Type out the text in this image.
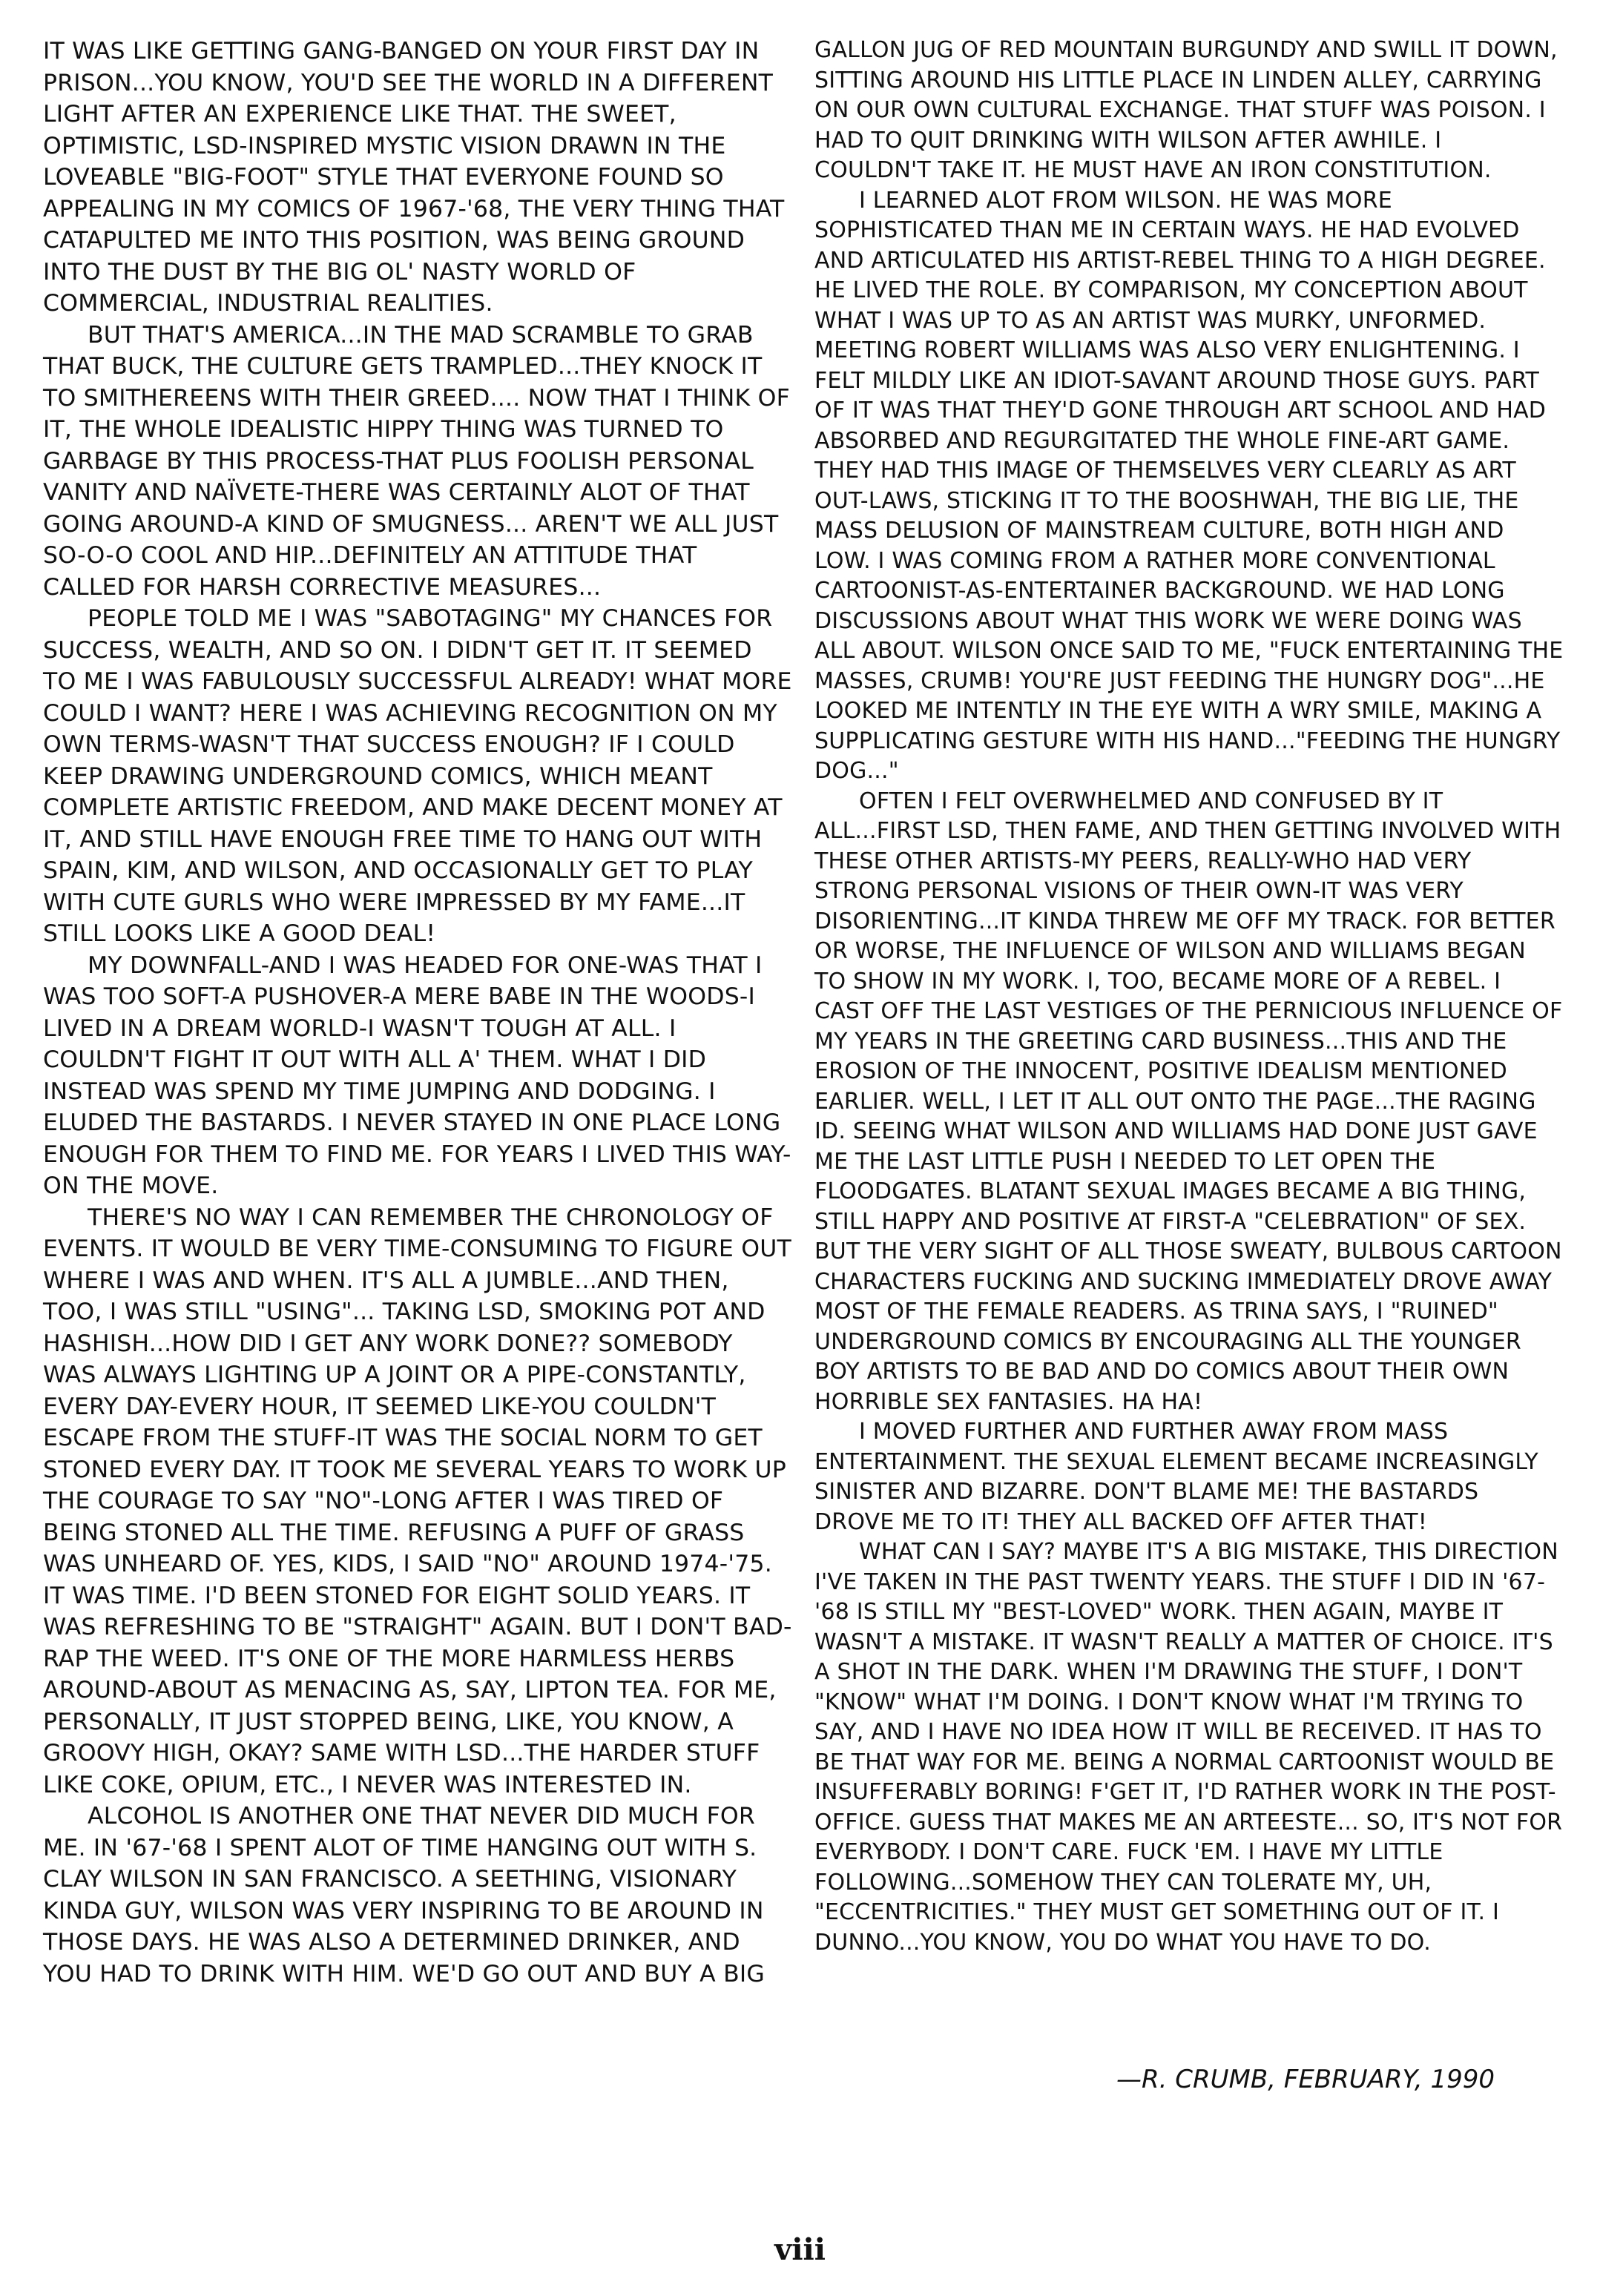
IT WAS LIKE GETTING GANG-BANGED ON YOUR FIRST DAY IN PRISON...YOU KNOW, YOU'D SEE THE WORLD IN A DIFFERENT LIGHT AFTER AN EXPERIENCE LIKE THAT. THE SWEET, OPTIMISTIC, LSD-INSPIRED MYSTIC VISION DRAWN IN THE LOVEABLE "BIG-FOOT" STYLE THAT EVERYONE FOUND SO APPEALING IN MY COMICS OF 1967-'68, THE VERY THING THAT CATAPULTED ME INTO THIS POSITION, WAS BEING GROUND INTO THE DUST BY THE BIG OL' NASTY WORLD OF COMMERCIAL, INDUSTRIAL REALITIES.

BUT THAT'S AMERICA...IN THE MAD SCRAMBLE TO GRAB THAT BUCK, THE CULTURE GETS TRAMPLED...THEY KNOCK IT TO SMITHEREENS WITH THEIR GREED.... NOW THAT I THINK OF IT, THE WHOLE IDEALISTIC HIPPY THING WAS TURNED TO GARBAGE BY THIS PROCESS-THAT PLUS FOOLISH PERSONAL VANITY AND NAÏVETE-THERE WAS CERTAINLY ALOT OF THAT GOING AROUND-A KIND OF SMUGNESS... AREN'T WE ALL JUST SO-O-O COOL AND HIP...DEFINITELY AN ATTITUDE THAT CALLED FOR HARSH CORRECTIVE MEASURES...

PEOPLE TOLD ME I WAS "SABOTAGING" MY CHANCES FOR SUCCESS, WEALTH, AND SO ON. I DIDN'T GET IT. IT SEEMED TO ME I WAS FABULOUSLY SUCCESSFUL ALREADY! WHAT MORE COULD I WANT? HERE I WAS ACHIEVING RECOGNITION ON MY OWN TERMS-WASN'T THAT SUCCESS ENOUGH? IF I COULD KEEP DRAWING UNDERGROUND COMICS, WHICH MEANT COMPLETE ARTISTIC FREEDOM, AND MAKE DECENT MONEY AT IT, AND STILL HAVE ENOUGH FREE TIME TO HANG OUT WITH SPAIN, KIM, AND WILSON, AND OCCASIONALLY GET TO PLAY WITH CUTE GURLS WHO WERE IMPRESSED BY MY FAME...IT STILL LOOKS LIKE A GOOD DEAL!

MY DOWNFALL-AND I WAS HEADED FOR ONE-WAS THAT I WAS TOO SOFT-A PUSHOVER-A MERE BABE IN THE WOODS-I LIVED IN A DREAM WORLD-I WASN'T TOUGH AT ALL. I COULDN'T FIGHT IT OUT WITH ALL A' THEM. WHAT I DID INSTEAD WAS SPEND MY TIME JUMPING AND DODGING. I ELUDED THE BASTARDS. I NEVER STAYED IN ONE PLACE LONG ENOUGH FOR THEM TO FIND ME. FOR YEARS I LIVED THIS WAY- ON THE MOVE.

THERE'S NO WAY I CAN REMEMBER THE CHRONOLOGY OF EVENTS. IT WOULD BE VERY TIME-CONSUMING TO FIGURE OUT WHERE I WAS AND WHEN. IT'S ALL A JUMBLE...AND THEN, TOO, I WAS STILL "USING"... TAKING LSD, SMOKING POT AND HASHISH...HOW DID I GET ANY WORK DONE?? SOMEBODY WAS ALWAYS LIGHTING UP A JOINT OR A PIPE-CONSTANTLY, EVERY DAY-EVERY HOUR, IT SEEMED LIKE-YOU COULDN'T ESCAPE FROM THE STUFF-IT WAS THE SOCIAL NORM TO GET STONED EVERY DAY. IT TOOK ME SEVERAL YEARS TO WORK UP THE COURAGE TO SAY "NO"-LONG AFTER I WAS TIRED OF BEING STONED ALL THE TIME. REFUSING A PUFF OF GRASS WAS UNHEARD OF. YES, KIDS, I SAID "NO" AROUND 1974-'75. IT WAS TIME. I'D BEEN STONED FOR EIGHT SOLID YEARS. IT WAS REFRESHING TO BE "STRAIGHT" AGAIN. BUT I DON'T BAD-RAP THE WEED. IT'S ONE OF THE MORE HARMLESS HERBS AROUND-ABOUT AS MENACING AS, SAY, LIPTON TEA. FOR ME, PERSONALLY, IT JUST STOPPED BEING, LIKE, YOU KNOW, A GROOVY HIGH, OKAY? SAME WITH LSD...THE HARDER STUFF LIKE COKE, OPIUM, ETC., I NEVER WAS INTERESTED IN.

ALCOHOL IS ANOTHER ONE THAT NEVER DID MUCH FOR ME. IN '67-'68 I SPENT ALOT OF TIME HANGING OUT WITH S. CLAY WILSON IN SAN FRANCISCO. A SEETHING, VISIONARY KINDA GUY, WILSON WAS VERY INSPIRING TO BE AROUND IN THOSE DAYS. HE WAS ALSO A DETERMINED DRINKER, AND YOU HAD TO DRINK WITH HIM. WE'D GO OUT AND BUY A BIG

GALLON JUG OF RED MOUNTAIN BURGUNDY AND SWILL IT DOWN, SITTING AROUND HIS LITTLE PLACE IN LINDEN ALLEY, CARRYING ON OUR OWN CULTURAL EXCHANGE. THAT STUFF WAS POISON. I HAD TO QUIT DRINKING WITH WILSON AFTER AWHILE. I COULDN'T TAKE IT. HE MUST HAVE AN IRON CONSTITUTION.

I LEARNED ALOT FROM WILSON. HE WAS MORE SOPHISTICATED THAN ME IN CERTAIN WAYS. HE HAD EVOLVED AND ARTICULATED HIS ARTIST-REBEL THING TO A HIGH DEGREE. HE LIVED THE ROLE. BY COMPARISON, MY CONCEPTION ABOUT WHAT I WAS UP TO AS AN ARTIST WAS MURKY, UNFORMED. MEETING ROBERT WILLIAMS WAS ALSO VERY ENLIGHTENING. I FELT MILDLY LIKE AN IDIOT-SAVANT AROUND THOSE GUYS. PART OF IT WAS THAT THEY'D GONE THROUGH ART SCHOOL AND HAD ABSORBED AND REGURGITATED THE WHOLE FINE-ART GAME. THEY HAD THIS IMAGE OF THEMSELVES VERY CLEARLY AS ART OUT-LAWS, STICKING IT TO THE BOOSHWAH, THE BIG LIE, THE MASS DELUSION OF MAINSTREAM CULTURE, BOTH HIGH AND LOW. I WAS COMING FROM A RATHER MORE CONVENTIONAL CARTOONIST-AS-ENTERTAINER BACKGROUND. WE HAD LONG DISCUSSIONS ABOUT WHAT THIS WORK WE WERE DOING WAS ALL ABOUT. WILSON ONCE SAID TO ME, "FUCK ENTERTAINING THE MASSES, CRUMB! YOU'RE JUST FEEDING THE HUNGRY DOG"...HE LOOKED ME INTENTLY IN THE EYE WITH A WRY SMILE, MAKING A SUPPLICATING GESTURE WITH HIS HAND..."FEEDING THE HUNGRY DOG..."

OFTEN I FELT OVERWHELMED AND CONFUSED BY IT ALL...FIRST LSD, THEN FAME, AND THEN GETTING INVOLVED WITH THESE OTHER ARTISTS-MY PEERS, REALLY-WHO HAD VERY STRONG PERSONAL VISIONS OF THEIR OWN-IT WAS VERY DISORIENTING...IT KINDA THREW ME OFF MY TRACK. FOR BETTER OR WORSE, THE INFLUENCE OF WILSON AND WILLIAMS BEGAN TO SHOW IN MY WORK. I, TOO, BECAME MORE OF A REBEL. I CAST OFF THE LAST VESTIGES OF THE PERNICIOUS INFLUENCE OF MY YEARS IN THE GREETING CARD BUSINESS...THIS AND THE EROSION OF THE INNOCENT, POSITIVE IDEALISM MENTIONED EARLIER. WELL, I LET IT ALL OUT ONTO THE PAGE...THE RAGING ID. SEEING WHAT WILSON AND WILLIAMS HAD DONE JUST GAVE ME THE LAST LITTLE PUSH I NEEDED TO LET OPEN THE FLOODGATES. BLATANT SEXUAL IMAGES BECAME A BIG THING, STILL HAPPY AND POSITIVE AT FIRST-A "CELEBRATION" OF SEX. BUT THE VERY SIGHT OF ALL THOSE SWEATY, BULBOUS CARTOON CHARACTERS FUCKING AND SUCKING IMMEDIATELY DROVE AWAY MOST OF THE FEMALE READERS. AS TRINA SAYS, I "RUINED" UNDERGROUND COMICS BY ENCOURAGING ALL THE YOUNGER BOY ARTISTS TO BE BAD AND DO COMICS ABOUT THEIR OWN HORRIBLE SEX FANTASIES. HA HA!

I MOVED FURTHER AND FURTHER AWAY FROM MASS ENTERTAINMENT. THE SEXUAL ELEMENT BECAME INCREASINGLY SINISTER AND BIZARRE. DON'T BLAME ME! THE BASTARDS DROVE ME TO IT! THEY ALL BACKED OFF AFTER THAT!

WHAT CAN I SAY? MAYBE IT'S A BIG MISTAKE, THIS DIRECTION I'VE TAKEN IN THE PAST TWENTY YEARS. THE STUFF I DID IN '67-'68 IS STILL MY "BEST-LOVED" WORK. THEN AGAIN, MAYBE IT WASN'T A MISTAKE. IT WASN'T REALLY A MATTER OF CHOICE. IT'S A SHOT IN THE DARK. WHEN I'M DRAWING THE STUFF, I DON'T "KNOW" WHAT I'M DOING. I DON'T KNOW WHAT I'M TRYING TO SAY, AND I HAVE NO IDEA HOW IT WILL BE RECEIVED. IT HAS TO BE THAT WAY FOR ME. BEING A NORMAL CARTOONIST WOULD BE INSUFFERABLY BORING! F'GET IT, I'D RATHER WORK IN THE POST-OFFICE. GUESS THAT MAKES ME AN ARTEESTE... SO, IT'S NOT FOR EVERYBODY. I DON'T CARE. FUCK 'EM. I HAVE MY LITTLE FOLLOWING...SOMEHOW THEY CAN TOLERATE MY, UH, "ECCENTRICITIES." THEY MUST GET SOMETHING OUT OF IT. I DUNNO...YOU KNOW, YOU DO WHAT YOU HAVE TO DO.

—R. CRUMB, FEBRUARY, 1990
viii
